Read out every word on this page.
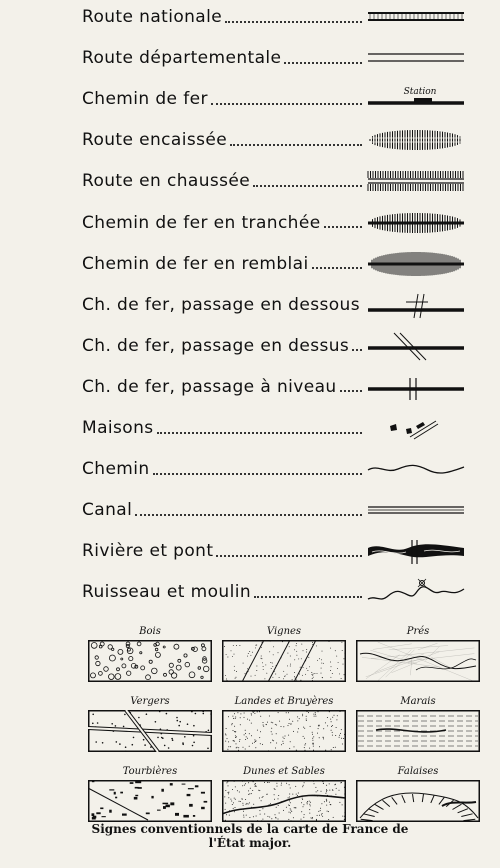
Route nationale
Route départementale
Chemin de fer	Station
Route encaissée
Route en chaussée
Chemin de fer en tranchée
Chemin de fer en remblai
Ch. de fer, passage en dessous
Ch. de fer, passage en dessus
Ch. de fer, passage à niveau
Maisons
Chemin
Canal
Rivière et pont
Ruisseau et moulin
Bois	Vignes	Prés
Vergers	Landes et Bruyères	Marais
Tourbières	Dunes et Sables	Falaises
Signes conventionnels de la carte de France de
l'État major.
